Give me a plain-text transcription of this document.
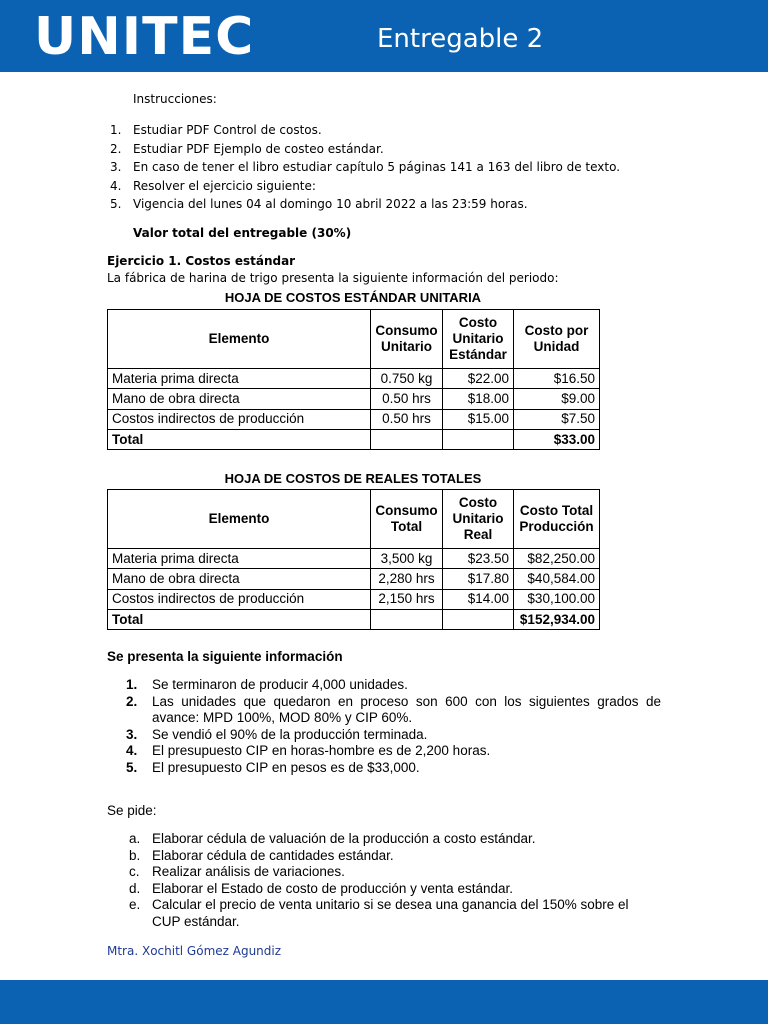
UNITEC	Entregable 2
Instrucciones:
1. Estudiar PDF Control de costos.
2. Estudiar PDF Ejemplo de costeo estándar.
3. En caso de tener el libro estudiar capítulo 5 páginas 141 a 163 del libro de texto.
4. Resolver el ejercicio siguiente:
5. Vigencia del lunes 04 al domingo 10 abril 2022 a las 23:59 horas.
Valor total del entregable (30%)
Ejercicio 1. Costos estándar
La fábrica de harina de trigo presenta la siguiente información del periodo:
HOJA DE COSTOS ESTÁNDAR UNITARIA
Elemento	Consumo Unitario	Costo Unitario Estándar	Costo por Unidad
Materia prima directa	0.750 kg	$22.00	$16.50
Mano de obra directa	0.50 hrs	$18.00	$9.00
Costos indirectos de producción	0.50 hrs	$15.00	$7.50
Total			$33.00
HOJA DE COSTOS DE REALES TOTALES
Elemento	Consumo Total	Costo Unitario Real	Costo Total Producción
Materia prima directa	3,500 kg	$23.50	$82,250.00
Mano de obra directa	2,280 hrs	$17.80	$40,584.00
Costos indirectos de producción	2,150 hrs	$14.00	$30,100.00
Total			$152,934.00
Se presenta la siguiente información
1.	Se terminaron de producir 4,000 unidades.
2.	Las unidades que quedaron en proceso son 600 con los siguientes grados de avance: MPD 100%, MOD 80% y CIP 60%.
3.	Se vendió el 90% de la producción terminada.
4.	El presupuesto CIP en horas-hombre es de 2,200 horas.
5.	El presupuesto CIP en pesos es de $33,000.
Se pide:
a. Elaborar cédula de valuación de la producción a costo estándar.
b. Elaborar cédula de cantidades estándar.
c. Realizar análisis de variaciones.
d. Elaborar el Estado de costo de producción y venta estándar.
e. Calcular el precio de venta unitario si se desea una ganancia del 150% sobre el CUP estándar.
Mtra. Xochitl Gómez Agundiz
